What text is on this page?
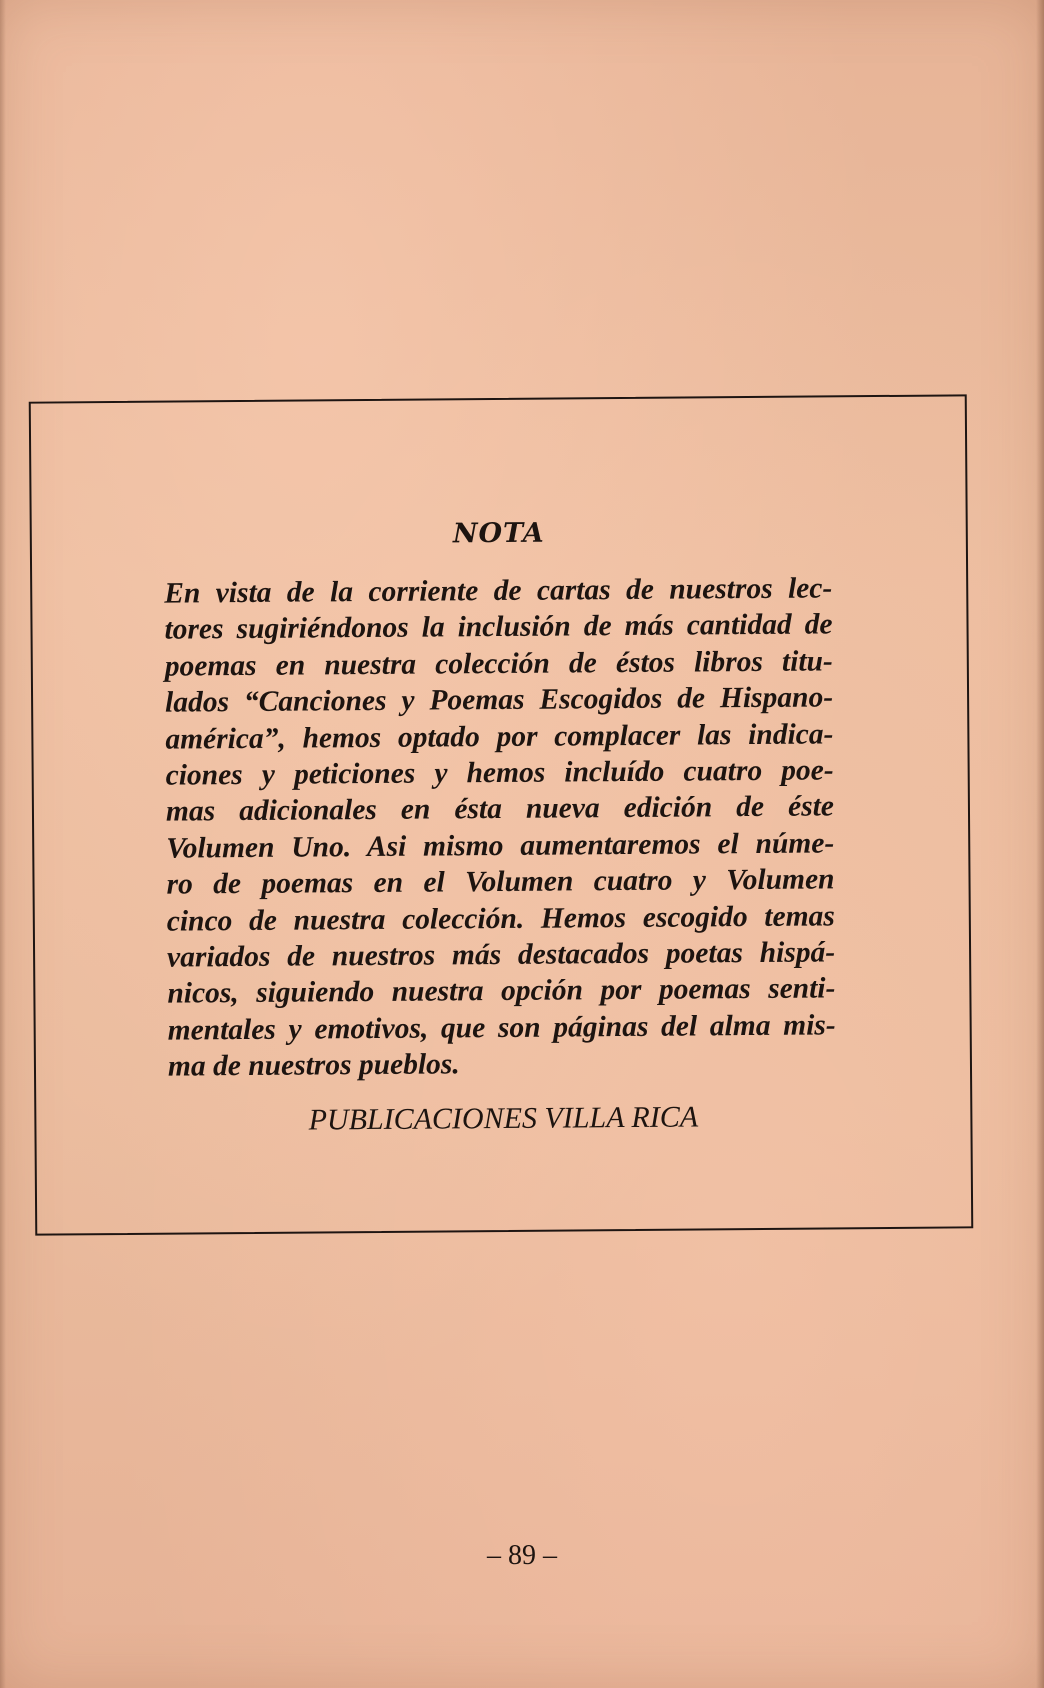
NOTA

En vista de la corriente de cartas de nuestros lec-
tores sugiriéndonos la inclusión de más cantidad de
poemas en nuestra colección de éstos libros titu-
lados “Canciones y Poemas Escogidos de Hispano-
américa”, hemos optado por complacer las indica-
ciones y peticiones y hemos incluído cuatro poe-
mas adicionales en ésta nueva edición de éste
Volumen Uno. Asi mismo aumentaremos el núme-
ro de poemas en el Volumen cuatro y Volumen
cinco de nuestra colección. Hemos escogido temas
variados de nuestros más destacados poetas hispá-
nicos, siguiendo nuestra opción por poemas senti-
mentales y emotivos, que son páginas del alma mis-
ma de nuestros pueblos.

PUBLICACIONES VILLA RICA

– 89 –
